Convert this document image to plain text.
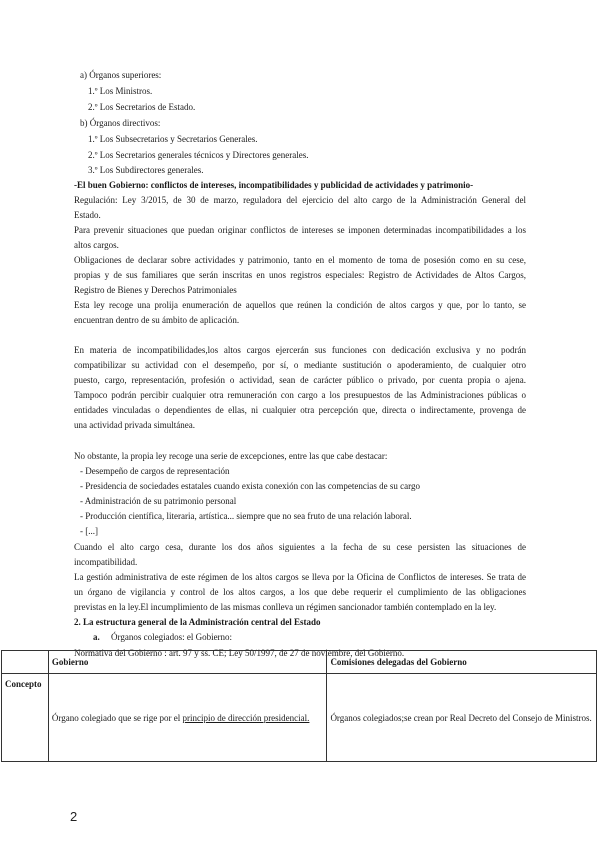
a) Órganos superiores:
1.º Los Ministros.
2.º Los Secretarios de Estado.
b) Órganos directivos:
1.º Los Subsecretarios y Secretarios Generales.
2.º Los Secretarios generales técnicos y Directores generales.
3.º Los Subdirectores generales.
-El buen Gobierno: conflictos de intereses, incompatibilidades y publicidad de actividades y patrimonio-
Regulación: Ley 3/2015, de 30 de marzo, reguladora del ejercicio del alto cargo de la Administración General del
Estado.
Para prevenir situaciones que puedan originar conflictos de intereses se imponen determinadas incompatibilidades a los
altos cargos.
Obligaciones de declarar sobre actividades y patrimonio, tanto en el momento de toma de posesión como en su cese,
propias y de sus familiares que serán inscritas en unos registros especiales: Registro de Actividades de Altos Cargos,
Registro de Bienes y Derechos Patrimoniales
Esta ley recoge una prolija enumeración de aquellos que reúnen la condición de altos cargos y que, por lo tanto, se
encuentran dentro de su ámbito de aplicación.
En materia de incompatibilidades,los altos cargos ejercerán sus funciones con dedicación exclusiva y no podrán
compatibilizar su actividad con el desempeño, por sí, o mediante sustitución o apoderamiento, de cualquier otro
puesto, cargo, representación, profesión o actividad, sean de carácter público o privado, por cuenta propia o ajena.
Tampoco podrán percibir cualquier otra remuneración con cargo a los presupuestos de las Administraciones públicas o
entidades vinculadas o dependientes de ellas, ni cualquier otra percepción que, directa o indirectamente, provenga de
una actividad privada simultánea.
No obstante, la propia ley recoge una serie de excepciones, entre las que cabe destacar:
- Desempeño de cargos de representación
- Presidencia de sociedades estatales cuando exista conexión con las competencias de su cargo
- Administración de su patrimonio personal
- Producción científica, literaria, artística... siempre que no sea fruto de una relación laboral.
- [...]
Cuando el alto cargo cesa, durante los dos años siguientes a la fecha de su cese persisten las situaciones de
incompatibilidad.
La gestión administrativa de este régimen de los altos cargos se lleva por la Oficina de Conflictos de intereses. Se trata de
un órgano de vigilancia y control de los altos cargos, a los que debe requerir el cumplimiento de las obligaciones
previstas en la ley.El incumplimiento de las mismas conlleva un régimen sancionador también contemplado en la ley.
2. La estructura general de la Administración central del Estado
a. Órganos colegiados: el Gobierno:
Normativa del Gobierno : art. 97 y ss. CE; Ley 50/1997, de 27 de noviembre, del Gobierno.
	Gobierno	Comisiones delegadas del Gobierno
Concepto	Órgano colegiado que se rige por el principio de dirección presidencial.	Órganos colegiados;se crean por Real Decreto del Consejo de Ministros.
2
